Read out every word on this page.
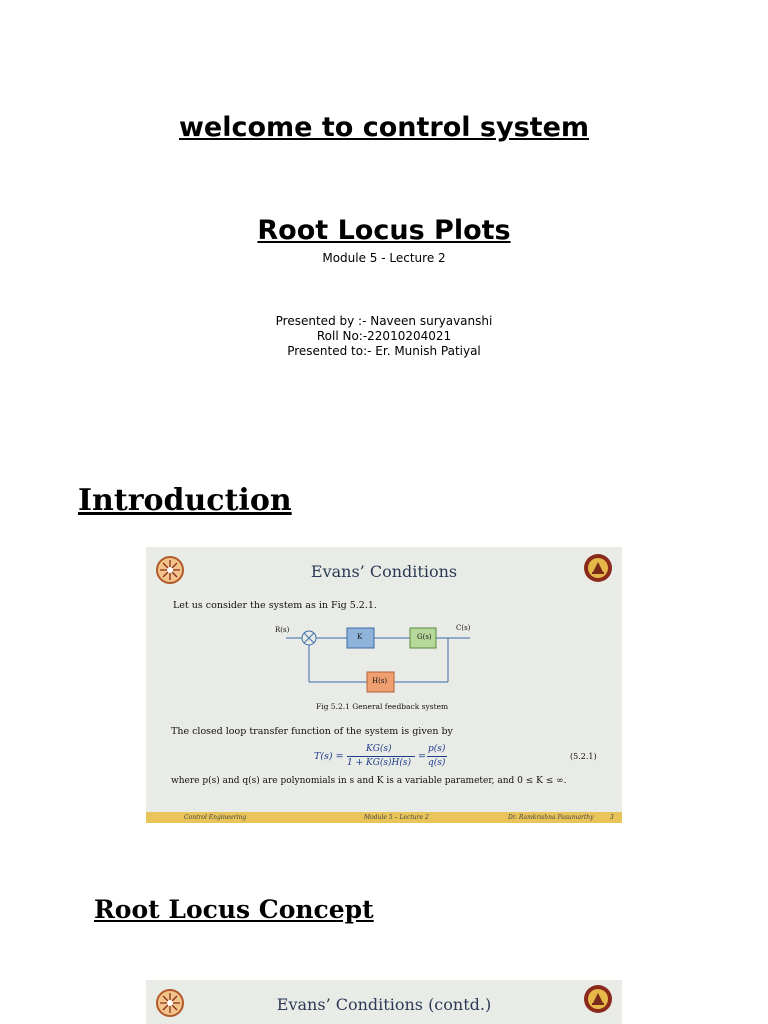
welcome to control system
Root Locus Plots
Module 5 - Lecture 2
Presented by :- Naveen suryavanshi
Roll No:-22010204021
Presented to:- Er. Munish Patiyal
Introduction
Evans’ Conditions
Let us consider the system as in Fig 5.2.1.
R(s)	C(s)
K	G(s)
H(s)
Fig 5.2.1 General feedback system
The closed loop transfer function of the system is given by
T(s) =
KG(s)
1 + KG(s)H(s)
=
p(s)
q(s)
(5.2.1)
where p(s) and q(s) are polynomials in s and K is a variable parameter, and 0 ≤ K ≤ ∞.
Control Engineering	Module 5 – Lecture 2	Dr. Ramkrishna Pasumarthy	3
Root Locus Concept
Evans’ Conditions (contd.)
